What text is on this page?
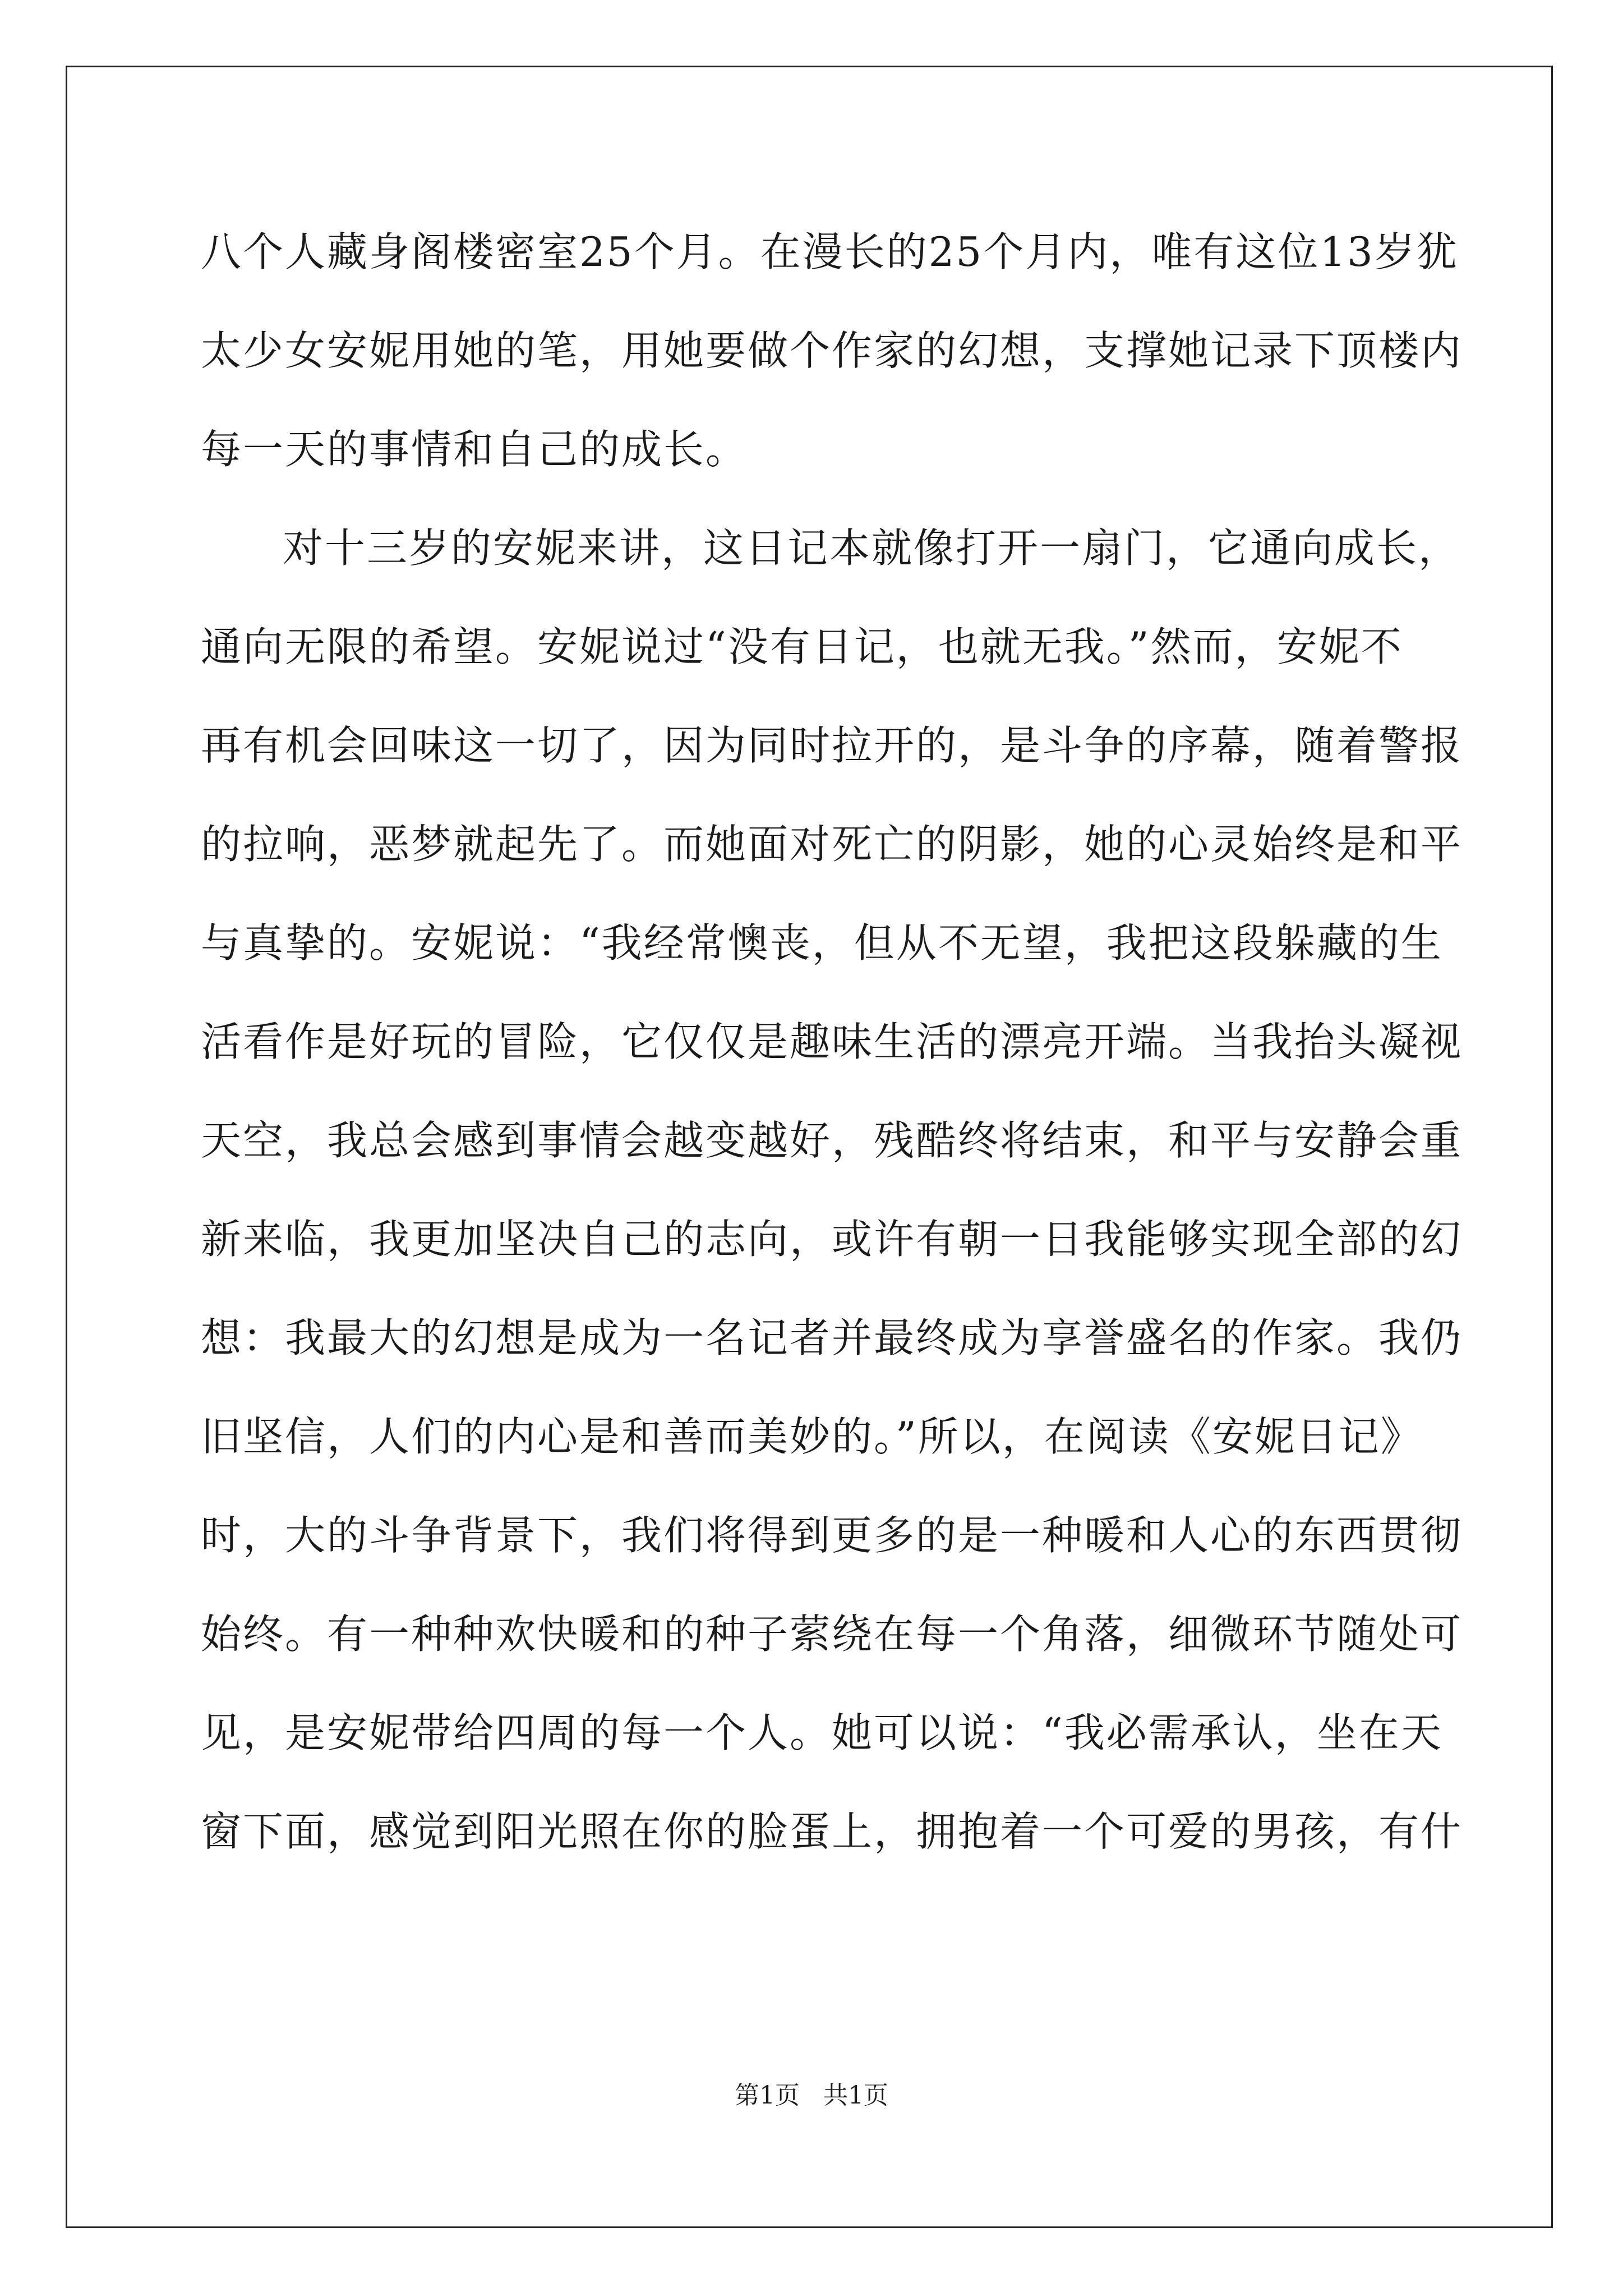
八个人藏身阁楼密室25个月。在漫长的25个月内，唯有这位13岁犹
太少女安妮用她的笔，用她要做个作家的幻想，支撑她记录下顶楼内
每一天的事情和自己的成长。
对十三岁的安妮来讲，这日记本就像打开一扇门，它通向成长，
通向无限的希望。安妮说过“没有日记，也就无我。”然而，安妮不
再有机会回味这一切了，因为同时拉开的，是斗争的序幕，随着警报
的拉响，恶梦就起先了。而她面对死亡的阴影，她的心灵始终是和平
与真挚的。安妮说：“我经常懊丧，但从不无望，我把这段躲藏的生
活看作是好玩的冒险，它仅仅是趣味生活的漂亮开端。当我抬头凝视
天空，我总会感到事情会越变越好，残酷终将结束，和平与安静会重
新来临，我更加坚决自己的志向，或许有朝一日我能够实现全部的幻
想：我最大的幻想是成为一名记者并最终成为享誉盛名的作家。我仍
旧坚信，人们的内心是和善而美妙的。”所以，在阅读《安妮日记》
时，大的斗争背景下，我们将得到更多的是一种暖和人心的东西贯彻
始终。有一种种欢快暖和的种子萦绕在每一个角落，细微环节随处可
见，是安妮带给四周的每一个人。她可以说：“我必需承认，坐在天
窗下面，感觉到阳光照在你的脸蛋上，拥抱着一个可爱的男孩，有什
第1页   共1页
